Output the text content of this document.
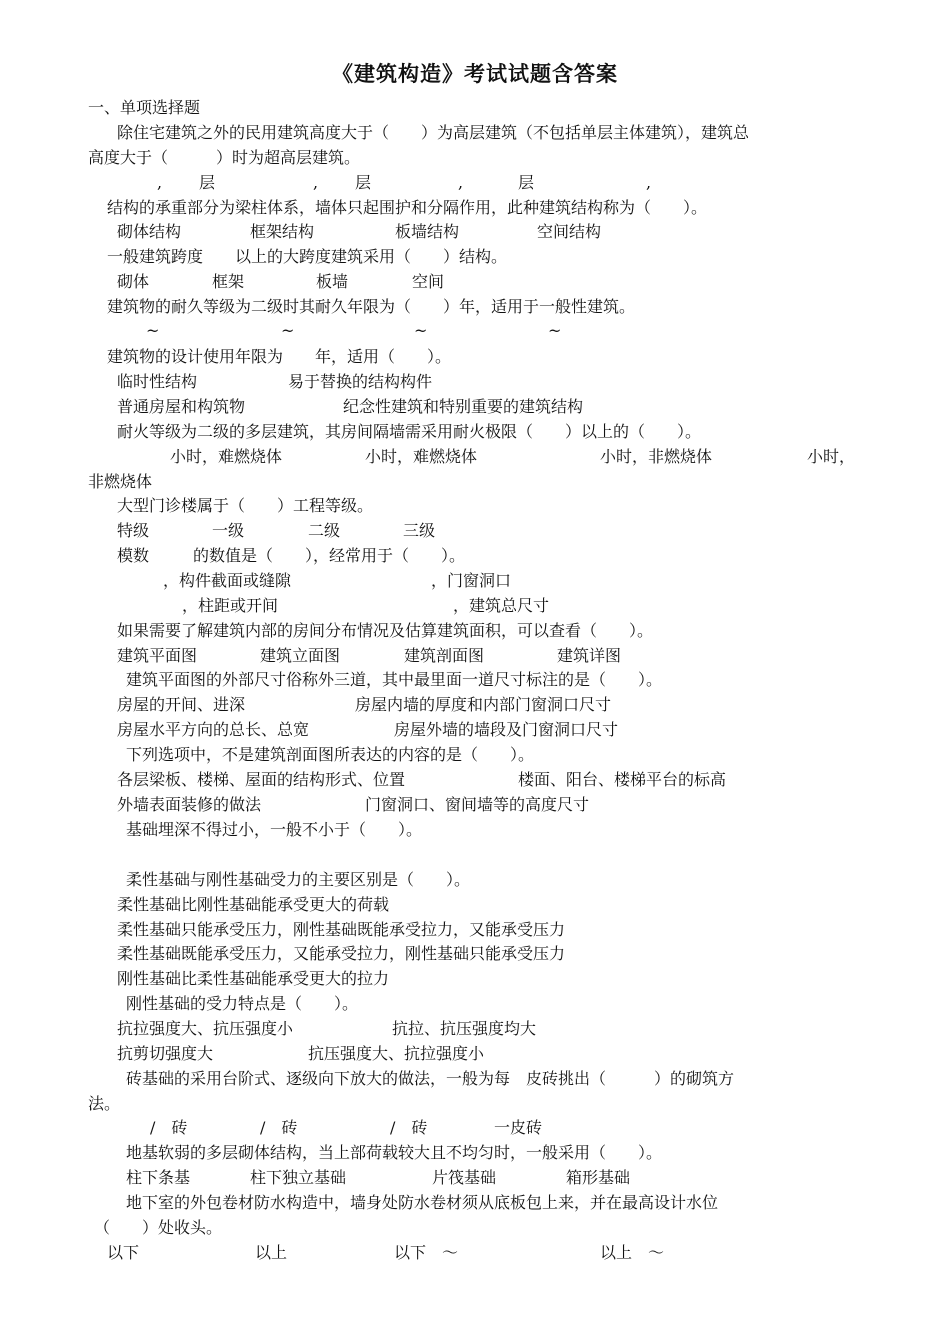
《建筑构造》考试试题含答案
一、单项选择题
除住宅建筑之外的民用建筑高度大于（　　）为高层建筑（不包括单层主体建筑），建筑总
高度大于（　　　）时为超高层建筑。
, 层	, 层	,	层	,
结构的承重部分为梁柱体系，墙体只起围护和分隔作用，此种建筑结构称为（　　）。
砌体结构	框架结构	板墙结构	空间结构
一般建筑跨度　　以上的大跨度建筑采用（　　）结构。
砌体	框架	板墙	空间
建筑物的耐久等级为二级时其耐久年限为（　　）年，适用于一般性建筑。
~	~	~	~
建筑物的设计使用年限为　　年，适用（　　）。
临时性结构	易于替换的结构构件
普通房屋和构筑物	纪念性建筑和特别重要的建筑结构
耐火等级为二级的多层建筑，其房间隔墙需采用耐火极限（　　）以上的（　　）。
小时，难燃烧体	小时，难燃烧体	小时，非燃烧体	小时，
非燃烧体
大型门诊楼属于（　　）工程等级。
特级	一级	二级	三级
模数	的数值是（　　），经常用于（　　）。
，构件截面或缝隙	，门窗洞口
，柱距或开间	，建筑总尺寸
如果需要了解建筑内部的房间分布情况及估算建筑面积，可以查看（　　）。
建筑平面图	建筑立面图	建筑剖面图	建筑详图
建筑平面图的外部尺寸俗称外三道，其中最里面一道尺寸标注的是（　　）。
房屋的开间、进深	房屋内墙的厚度和内部门窗洞口尺寸
房屋水平方向的总长、总宽	房屋外墙的墙段及门窗洞口尺寸
下列选项中，不是建筑剖面图所表达的内容的是（　　）。
各层梁板、楼梯、屋面的结构形式、位置	楼面、阳台、楼梯平台的标高
外墙表面装修的做法	门窗洞口、窗间墙等的高度尺寸
基础埋深不得过小，一般不小于（　　）。
柔性基础与刚性基础受力的主要区别是（　　）。
柔性基础比刚性基础能承受更大的荷载
柔性基础只能承受压力，刚性基础既能承受拉力，又能承受压力
柔性基础既能承受压力，又能承受拉力，刚性基础只能承受压力
刚性基础比柔性基础能承受更大的拉力
刚性基础的受力特点是（　　）。
抗拉强度大、抗压强度小	抗拉、抗压强度均大
抗剪切强度大	抗压强度大、抗拉强度小
砖基础的采用台阶式、逐级向下放大的做法，一般为每　皮砖挑出（　　　）的砌筑方
法。
/　砖	/　砖	/　砖	一皮砖
地基软弱的多层砌体结构，当上部荷载较大且不均匀时，一般采用（　　）。
柱下条基	柱下独立基础	片筏基础	箱形基础
地下室的外包卷材防水构造中，墙身处防水卷材须从底板包上来，并在最高设计水位
（　　）处收头。
以下	以上	以下　～	以上　～
